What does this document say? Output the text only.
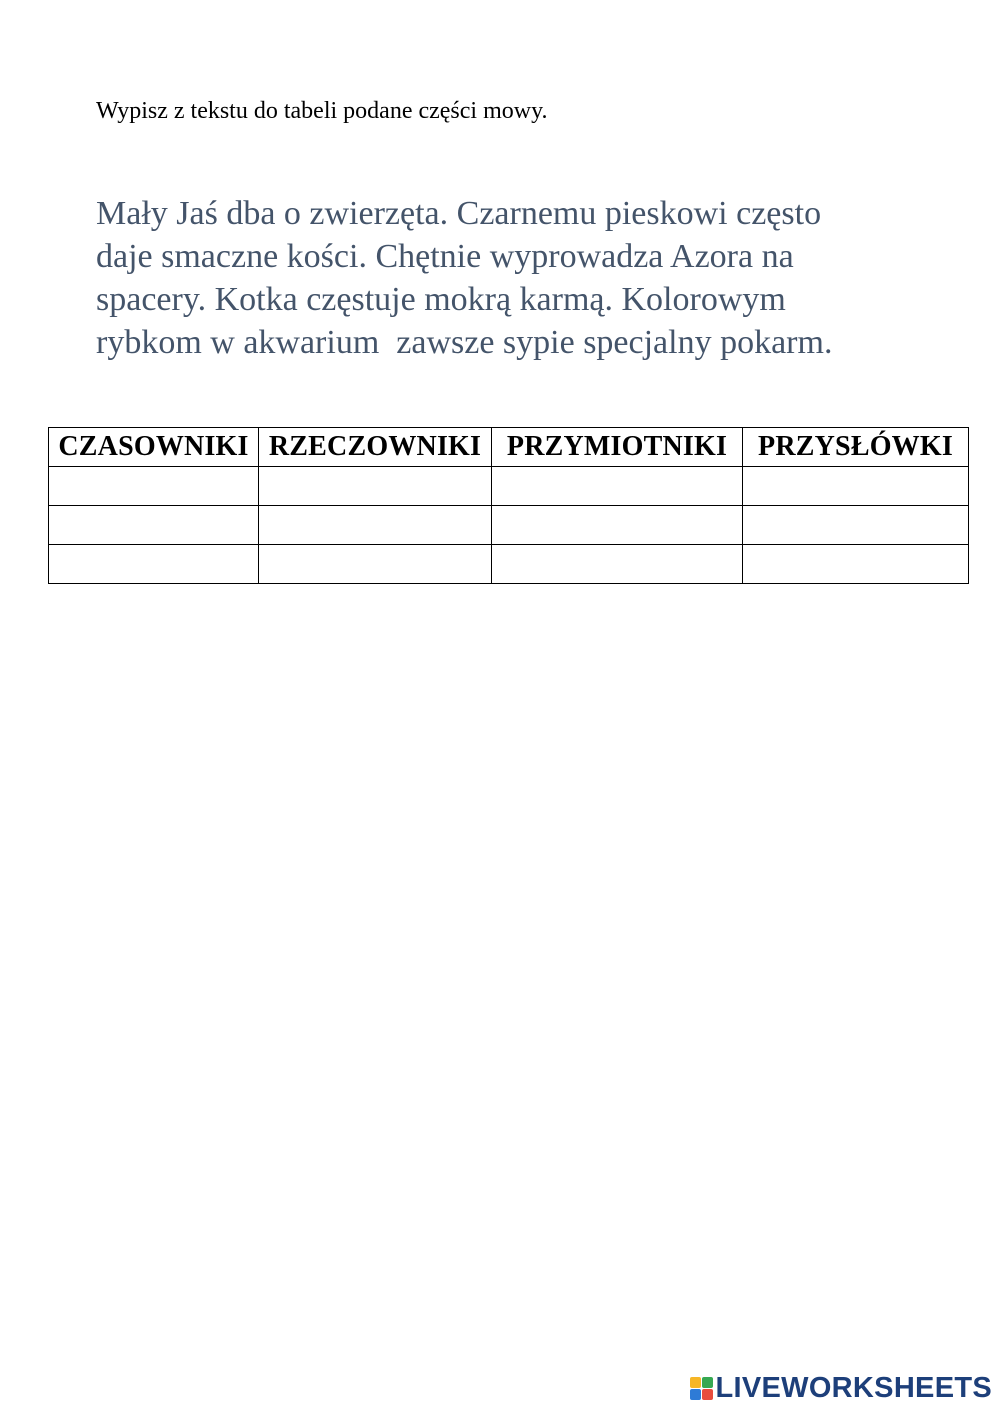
Wypisz z tekstu do tabeli podane części mowy.
Mały Jaś dba o zwierzęta. Czarnemu pieskowi często
daje smaczne kości. Chętnie wyprowadza Azora na
spacery. Kotka częstuje mokrą karmą. Kolorowym
rybkom w akwarium  zawsze sypie specjalny pokarm.
CZASOWNIKI	RZECZOWNIKI	PRZYMIOTNIKI	PRZYSŁÓWKI

LIVEWORKSHEETS
